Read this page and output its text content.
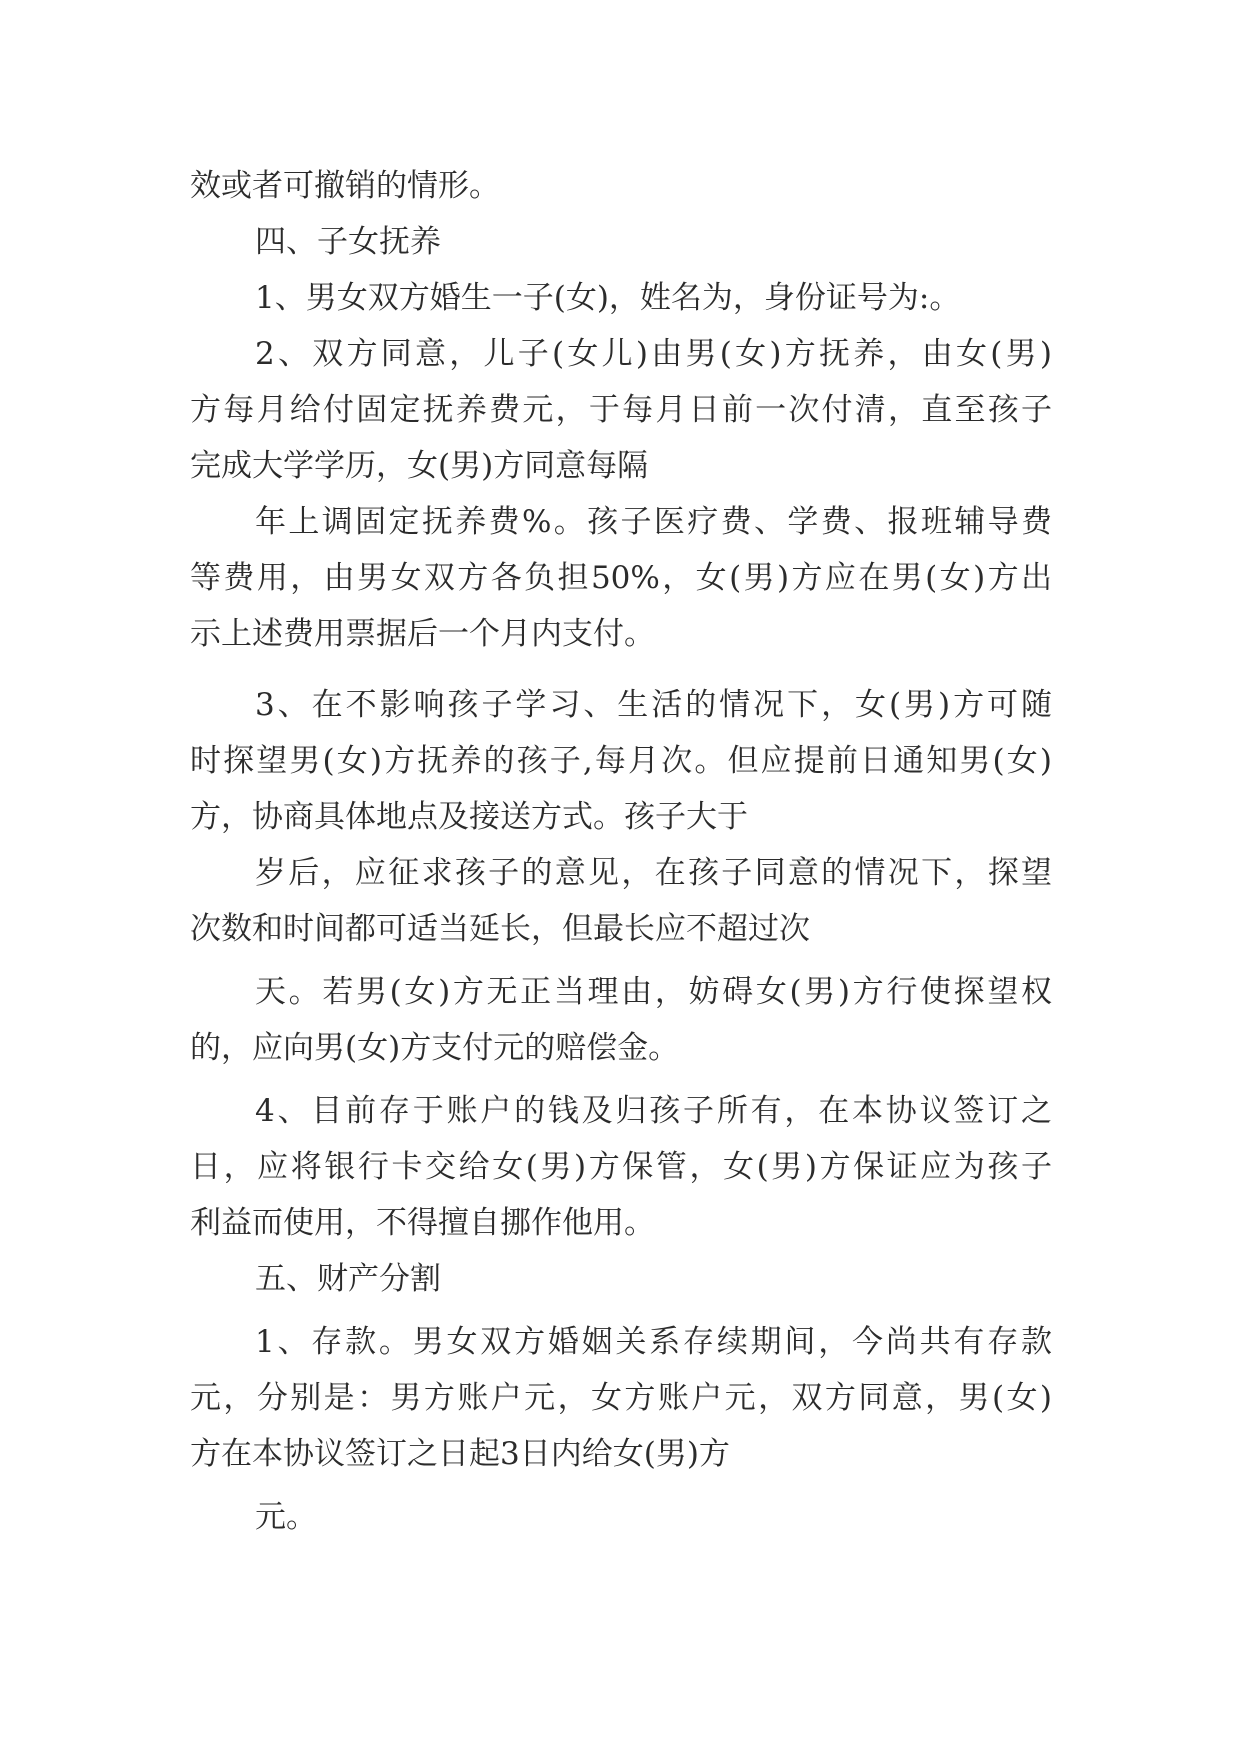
效或者可撤销的情形。
四、子女抚养
1、男女双方婚生一子(女)，姓名为，身份证号为:。
2、双方同意，儿子(女儿)由男(女)方抚养，由女(男)
方每月给付固定抚养费元，于每月日前一次付清，直至孩子
完成大学学历，女(男)方同意每隔
年上调固定抚养费%。孩子医疗费、学费、报班辅导费
等费用，由男女双方各负担50%，女(男)方应在男(女)方出
示上述费用票据后一个月内支付。
3、在不影响孩子学习、生活的情况下，女(男)方可随
时探望男(女)方抚养的孩子,每月次。但应提前日通知男(女)
方，协商具体地点及接送方式。孩子大于
岁后，应征求孩子的意见，在孩子同意的情况下，探望
次数和时间都可适当延长，但最长应不超过次
天。若男(女)方无正当理由，妨碍女(男)方行使探望权
的，应向男(女)方支付元的赔偿金。
4、目前存于账户的钱及归孩子所有，在本协议签订之
日，应将银行卡交给女(男)方保管，女(男)方保证应为孩子
利益而使用，不得擅自挪作他用。
五、财产分割
1、存款。男女双方婚姻关系存续期间，今尚共有存款
元，分别是：男方账户元，女方账户元，双方同意，男(女)
方在本协议签订之日起3日内给女(男)方
元。
